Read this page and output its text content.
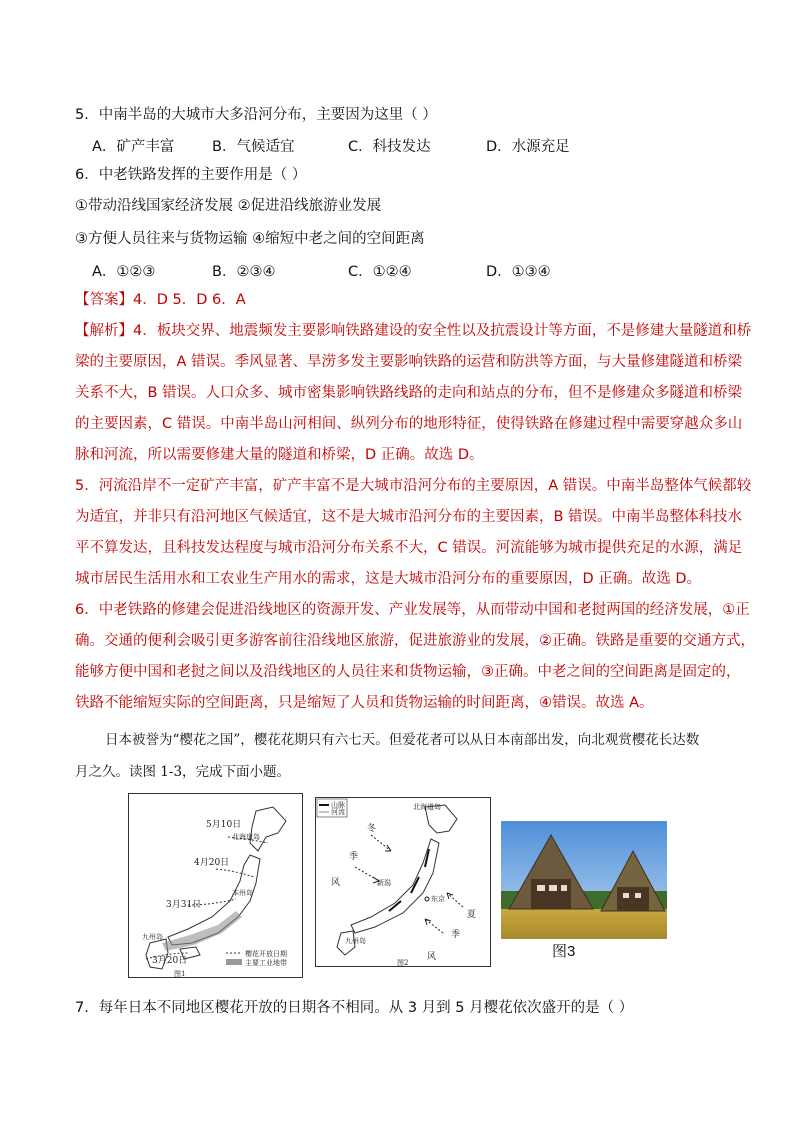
5．中南半岛的大城市大多沿河分布，主要因为这里（ ）
A．矿产丰富	B．气候适宜	C．科技发达	D．水源充足
6．中老铁路发挥的主要作用是（ ）
①带动沿线国家经济发展 ②促进沿线旅游业发展
③方便人员往来与货物运输 ④缩短中老之间的空间距离
A．①②③	B．②③④	C．①②④	D．①③④
【答案】4．D 5．D 6．A
【解析】4．板块交界、地震频发主要影响铁路建设的安全性以及抗震设计等方面，不是修建大量隧道和桥
梁的主要原因，A 错误。季风显著、旱涝多发主要影响铁路的运营和防洪等方面，与大量修建隧道和桥梁
关系不大，B 错误。人口众多、城市密集影响铁路线路的走向和站点的分布，但不是修建众多隧道和桥梁
的主要因素，C 错误。中南半岛山河相间、纵列分布的地形特征，使得铁路在修建过程中需要穿越众多山
脉和河流，所以需要修建大量的隧道和桥梁，D 正确。故选 D。
5．河流沿岸不一定矿产丰富，矿产丰富不是大城市沿河分布的主要原因，A 错误。中南半岛整体气候都较
为适宜，并非只有沿河地区气候适宜，这不是大城市沿河分布的主要因素，B 错误。中南半岛整体科技水
平不算发达，且科技发达程度与城市沿河分布关系不大，C 错误。河流能够为城市提供充足的水源，满足
城市居民生活用水和工农业生产用水的需求，这是大城市沿河分布的重要原因，D 正确。故选 D。
6．中老铁路的修建会促进沿线地区的资源开发、产业发展等，从而带动中国和老挝两国的经济发展，①正
确。交通的便利会吸引更多游客前往沿线地区旅游，促进旅游业的发展，②正确。铁路是重要的交通方式，
能够方便中国和老挝之间以及沿线地区的人员往来和货物运输，③正确。中老之间的空间距离是固定的，
铁路不能缩短实际的空间距离，只是缩短了人员和货物运输的时间距离，④错误。故选 A。
日本被誉为“樱花之国”，樱花花期只有六七天。但爱花者可以从日本南部出发，向北观赏樱花长达数
月之久。读图 1-3，完成下面小题。
5月10日
北海道岛
4月20日
本州岛
3月31日
九州岛
3月20日
樱花开放日期
主要工业地带
图1
山脉
河流
北海道岛
冬
季
风	新潟
东京
夏
季
风
九州岛
图2
图3
7．每年日本不同地区樱花开放的日期各不相同。从 3 月到 5 月樱花依次盛开的是（ ）
